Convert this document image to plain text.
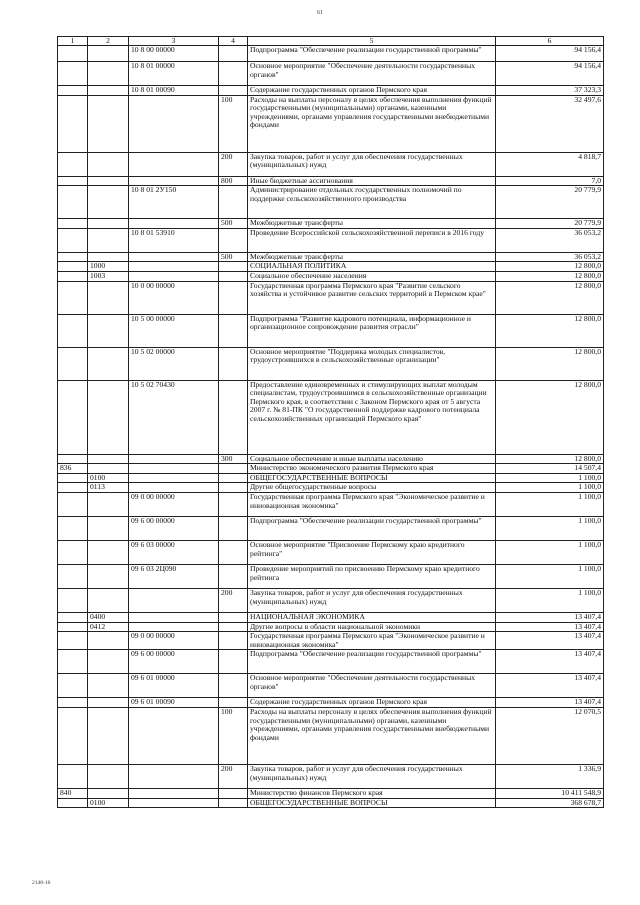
61
1	2	3	4	5	6
		10 8 00 00000		Подпрограмма "Обеспечение реализации государственной программы"	94 156,4
		10 8 01 00000		Основное мероприятие "Обеспечение деятельности государственных органов"	94 156,4
		10 8 01 00090		Содержание государственных органов Пермского края	37 323,3
			100	Расходы на выплаты персоналу в целях обеспечения выполнения функций государственными (муниципальными) органами, казенными учреждениями, органами управления государственными внебюджетными фондами	32 497,6
			200	Закупка товаров, работ и услуг для обеспечения государственных (муниципальных) нужд	4 818,7
			800	Иные бюджетные ассигнования	7,0
		10 8 01 2У150		Администрирование отдельных государственных полномочий по поддержке сельскохозяйственного производства	20 779,9
			500	Межбюджетные трансферты	20 779,9
		10 8 01 53910		Проведение Всероссийской сельскохозяйственной переписи в 2016 году	36 053,2
			500	Межбюджетные трансферты	36 053,2
	1000			СОЦИАЛЬНАЯ ПОЛИТИКА	12 800,0
	1003			Социальное обеспечение населения	12 800,0
		10 0 00 00000		Государственная программа Пермского края "Развитие сельского хозяйства и устойчивое развитие сельских территорий в Пермском крае"	12 800,0
		10 5 00 00000		Подпрограмма "Развитие кадрового потенциала, информационное и организационное сопровождение развития отрасли"	12 800,0
		10 5 02 00000		Основное мероприятие "Поддержка молодых специалистов, трудоустроившихся в сельскохозяйственные организации"	12 800,0
		10 5 02 70430		Предоставление единовременных и стимулирующих выплат молодым специалистам, трудоустроившимся в сельскохозяйственные организации Пермского края, в соответствии с Законом Пермского края от 5 августа 2007 г. № 81-ПК "О государственной поддержке кадрового потенциала сельскохозяйственных организаций Пермского края"	12 800,0
			300	Социальное обеспечение и иные выплаты населению	12 800,0
836				Министерство экономического развития Пермского края	14 507,4
	0100			ОБЩЕГОСУДАРСТВЕННЫЕ ВОПРОСЫ	1 100,0
	0113			Другие общегосударственные вопросы	1 100,0
		09 0 00 00000		Государственная программа Пермского края "Экономическое развитие и инновационная экономика"	1 100,0
		09 6 00 00000		Подпрограмма "Обеспечение реализации государственной программы"	1 100,0
		09 6 03 00000		Основное мероприятие "Присвоение Пермскому краю кредитного рейтинга"	1 100,0
		09 6 03 2Ц090		Проведение мероприятий по присвоению Пермскому краю кредитного рейтинга	1 100,0
			200	Закупка товаров, работ и услуг для обеспечения государственных (муниципальных) нужд	1 100,0
	0400			НАЦИОНАЛЬНАЯ ЭКОНОМИКА	13 407,4
	0412			Другие вопросы в области национальной экономики	13 407,4
		09 0 00 00000		Государственная программа Пермского края "Экономическое развитие и инновационная экономика"	13 407,4
		09 6 00 00000		Подпрограмма "Обеспечение реализации государственной программы"	13 407,4
		09 6 01 00000		Основное мероприятие "Обеспечение деятельности государственных органов"	13 407,4
		09 6 01 00090		Содержание государственных органов Пермского края	13 407,4
			100	Расходы на выплаты персоналу в целях обеспечения выполнения функций государственными (муниципальными) органами, казенными учреждениями, органами управления государственными внебюджетными фондами	12 070,5
			200	Закупка товаров, работ и услуг для обеспечения государственных (муниципальных) нужд	1 336,9
840				Министерство финансов Пермского края	10 411 548,9
	0100			ОБЩЕГОСУДАРСТВЕННЫЕ ВОПРОСЫ	368 678,7
2148-16
